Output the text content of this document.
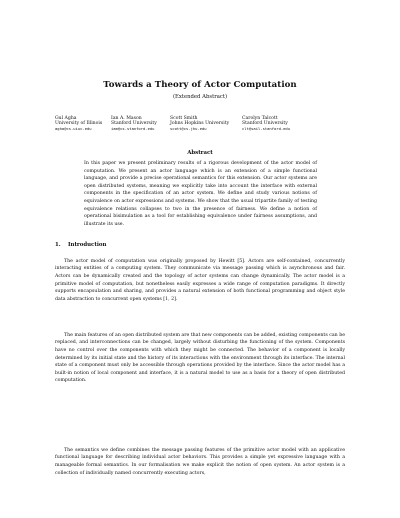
Towards a Theory of Actor Computation
(Extended Abstract)
Gul Agha
University of Illinois
agha@cs.uiuc.edu
Ian A. Mason
Stanford University
iam@cs.stanford.edu
Scott Smith
Johns Hopkins University
scott@cs.jhu.edu
Carolyn Talcott
Stanford University
clt@sail.stanford.edu
Abstract
In this paper we present preliminary results of a rigorous development of the actor model of computation. We present an actor language which is an extension of a simple functional language, and provide a precise operational semantics for this extension. Our actor systems are open distributed systems, meaning we explicitly take into account the interface with external components in the specification of an actor system. We define and study various notions of equivalence on actor expressions and systems. We show that the usual tripartite family of testing equivalence relations collapses to two in the presence of fairness. We define a notion of operational bisimulation as a tool for establishing equivalence under fairness assumptions, and illustrate its use.
1. Introduction

The actor model of computation was originally proposed by Hewitt [5]. Actors are self-contained, concurrently interacting entities of a computing system. They communicate via message passing which is asynchronous and fair. Actors can be dynamically created and the topology of actor systems can change dynamically. The actor model is a primitive model of computation, but nonetheless easily expresses a wide range of computation paradigms. It directly supports encapsulation and sharing, and provides a natural extension of both functional programming and object style data abstraction to concurrent open systems [1, 2].

The main features of an open distributed system are that new components can be added, existing components can be replaced, and interconnections can be changed, largely without disturbing the functioning of the system. Components have no control over the components with which they might be connected. The behavior of a component is locally determined by its initial state and the history of its interactions with the environment through its interface. The internal state of a component must only be accessible through operations provided by the interface. Since the actor model has a built-in notion of local component and interface, it is a natural model to use as a basis for a theory of open distributed computation.

The semantics we define combines the message passing features of the primitive actor model with an applicative functional language for describing individual actor behaviors. This provides a simple yet expressive language with a manageable formal semantics. In our formalisation we make explicit the notion of open system. An actor system is a collection of individually named concurrently executing actors,
